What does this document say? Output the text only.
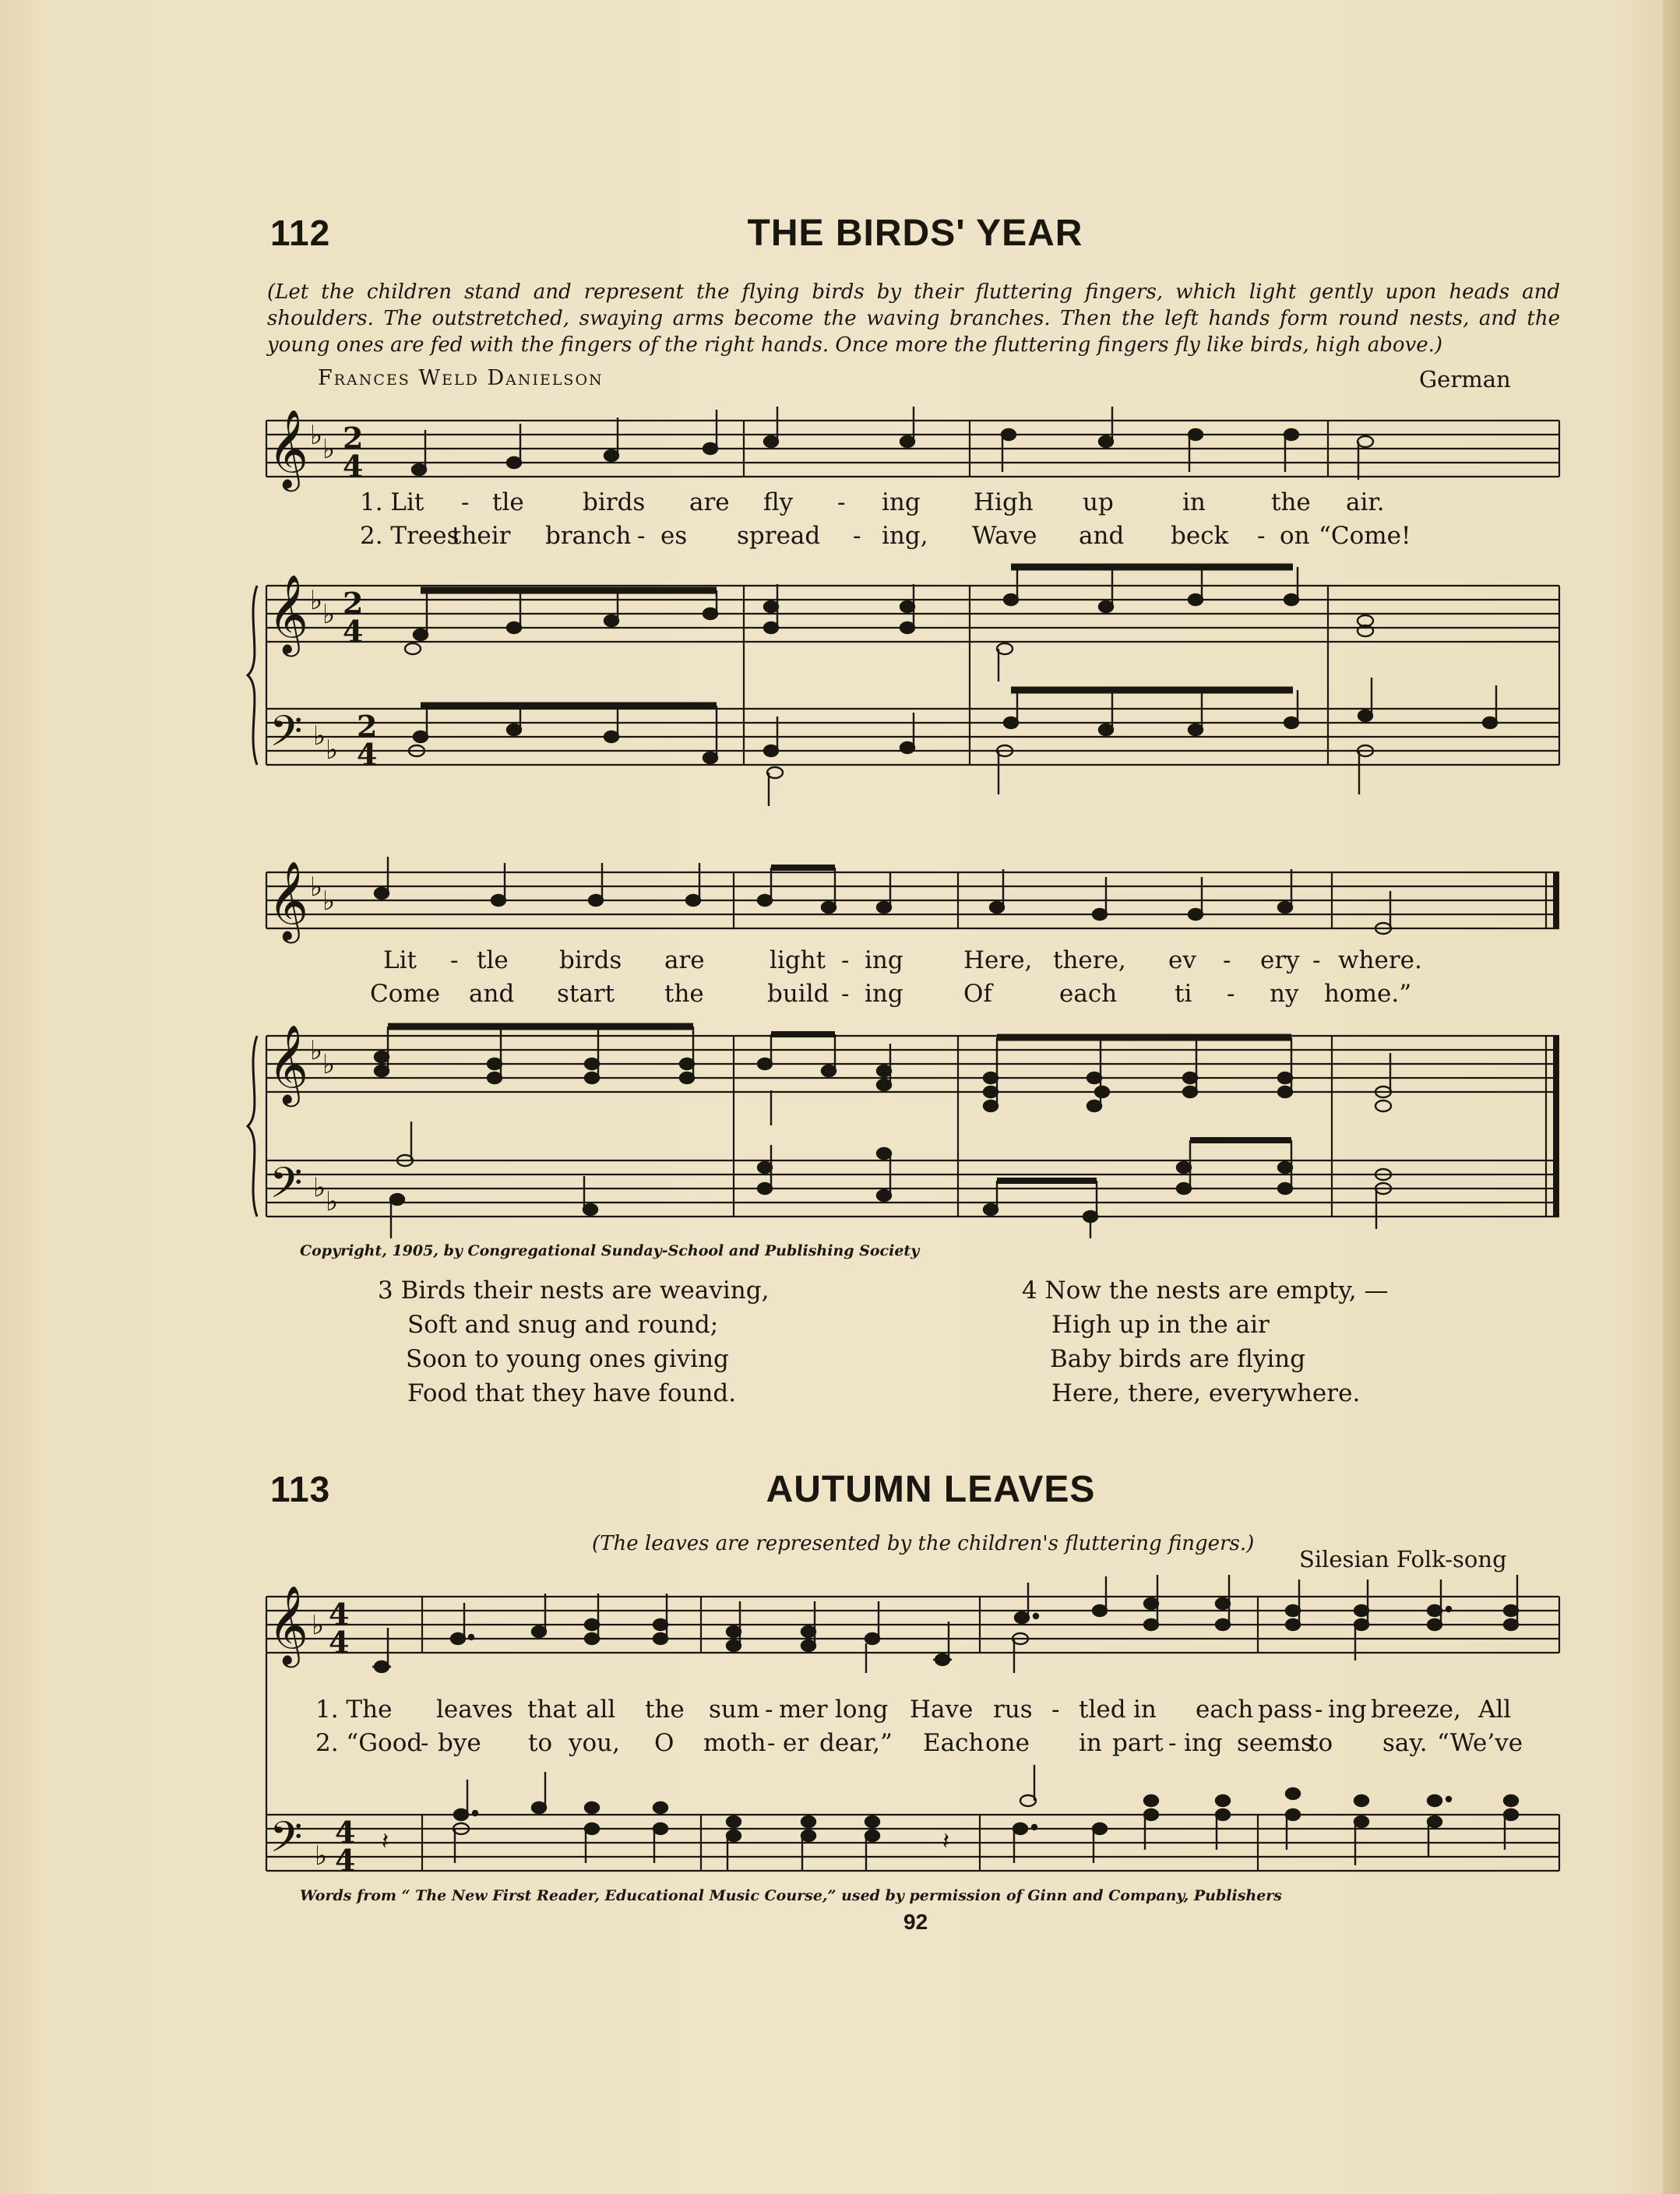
112	THE BIRDS' YEAR
(Let the children stand and represent the flying birds by their fluttering fingers, which light gently upon heads and shoulders. The outstretched, swaying arms become the waving branches. Then the left hands form round nests, and the young ones are fed with the fingers of the right hands. Once more the fluttering fingers fly like birds, high above.)
Frances Weld Danielson	German
𝄞
𝄞
𝄢
♭ ♭
♭ ♭
♭ ♭
2
4
2
4
2
4
1. Lit - tle birds are fly - ing High up	in	the air.
2. Trees
their branch - es spread - ing, Wave and beck - on “Come!
𝄞
𝄞
𝄢
♭ ♭
♭ ♭
♭ ♭
Lit - tle birds are	light - ing Here, there, ev - ery - where.
Come and start the	build - ing Of	each ti - ny home.”
Copyright, 1905, by Congregational Sunday-School and Publishing Society
3 Birds their nests are weaving,
Soft and snug and round;
Soon to young ones giving
Food that they have found.
4 Now the nests are empty, —
High up in the air
Baby birds are flying
Here, there, everywhere.
113	AUTUMN LEAVES
(The leaves are represented by the children's fluttering fingers.)
Silesian Folk-song
𝄞
𝄢
♭
♭
4
4
4
4
𝄽	𝄽
1. The leaves that all the sum - mer long Have rus - tled in each pass - ing breeze, All
2. “Good
- bye to you, O moth - er dear,” Each one in part - ing seems
to say. “We’ve
Words from “ The New First Reader, Educational Music Course,” used by permission of Ginn and Company, Publishers
92
